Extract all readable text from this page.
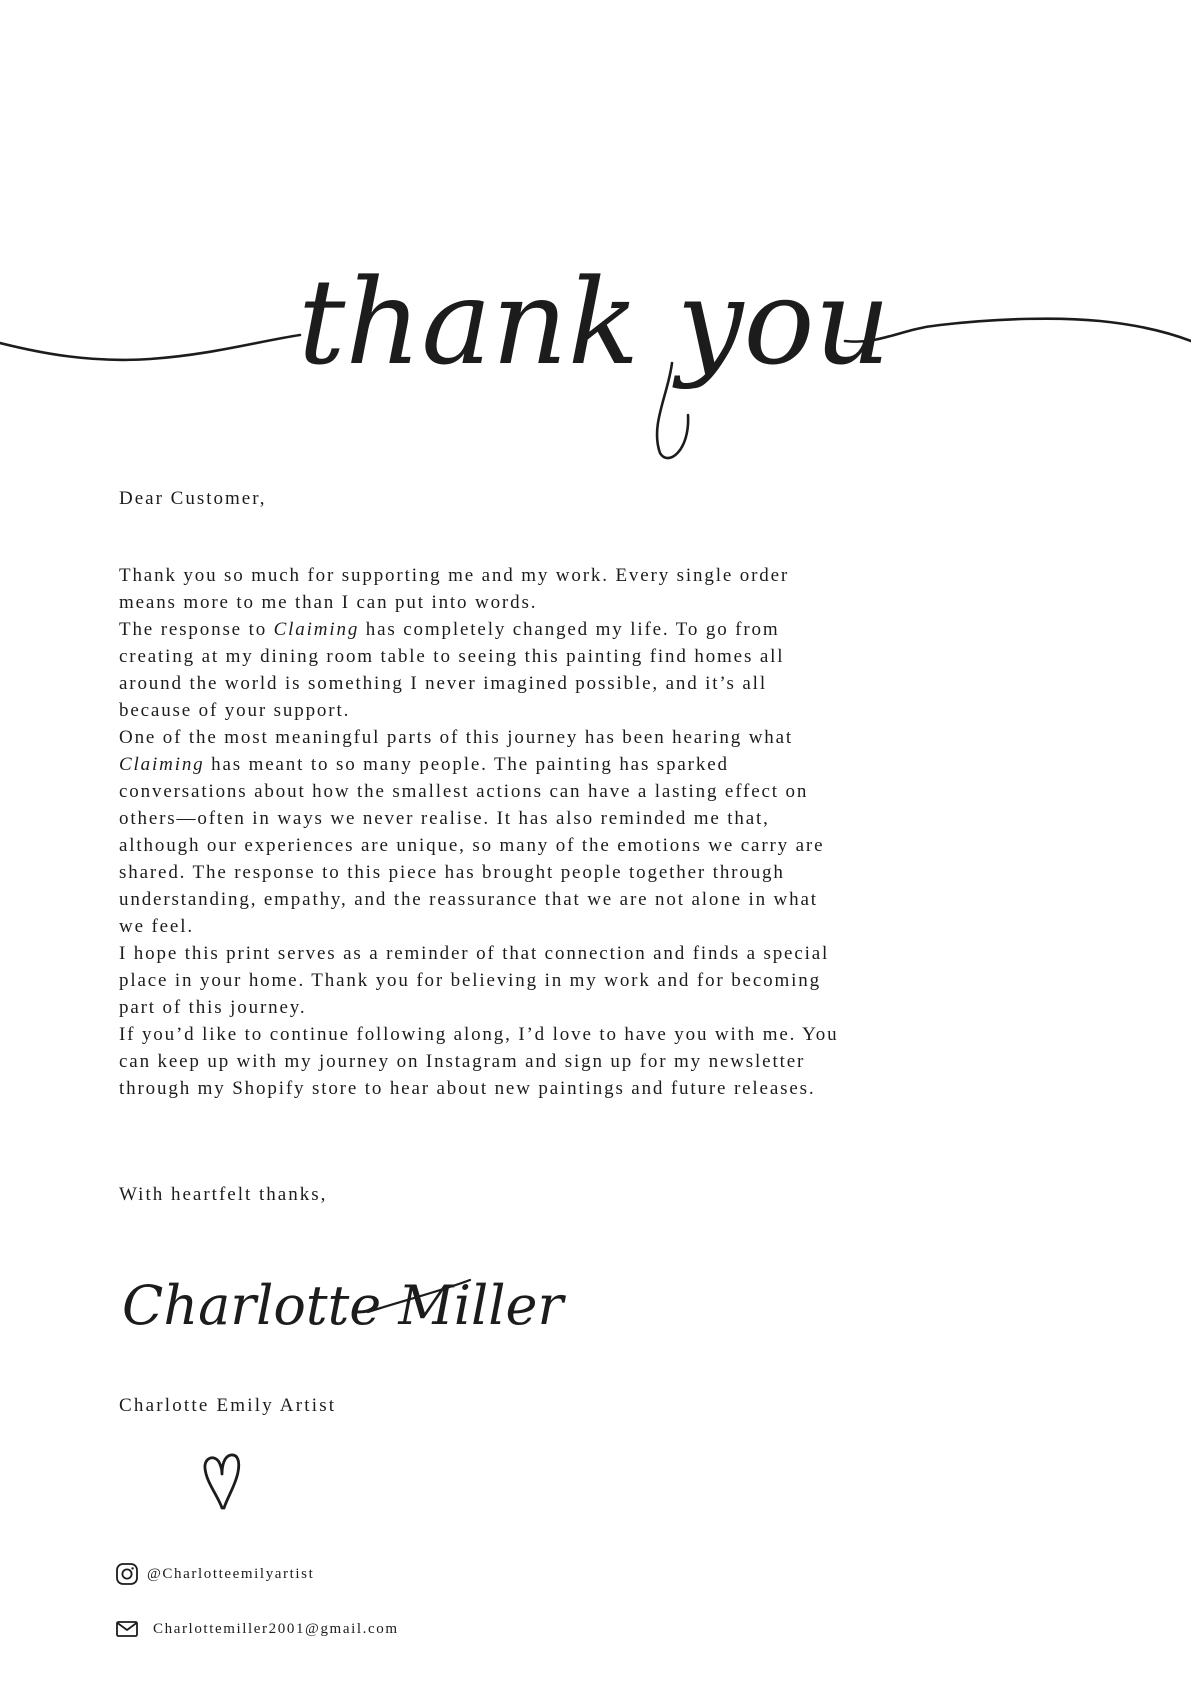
thank you

Dear Customer,

Thank you so much for supporting me and my work. Every single order means more to me than I can put into words.

The response to Claiming has completely changed my life. To go from creating at my dining room table to seeing this painting find homes all around the world is something I never imagined possible, and it’s all because of your support.

One of the most meaningful parts of this journey has been hearing what Claiming has meant to so many people. The painting has sparked conversations about how the smallest actions can have a lasting effect on others—often in ways we never realise. It has also reminded me that, although our experiences are unique, so many of the emotions we carry are shared. The response to this piece has brought people together through understanding, empathy, and the reassurance that we are not alone in what we feel.

I hope this print serves as a reminder of that connection and finds a special place in your home. Thank you for believing in my work and for becoming part of this journey.

If you’d like to continue following along, I’d love to have you with me. You can keep up with my journey on Instagram and sign up for my newsletter through my Shopify store to hear about new paintings and future releases.

With heartfelt thanks,

Charlotte Miller

Charlotte Emily Artist

@Charlotteemilyartist
Charlottemiller2001@gmail.com
